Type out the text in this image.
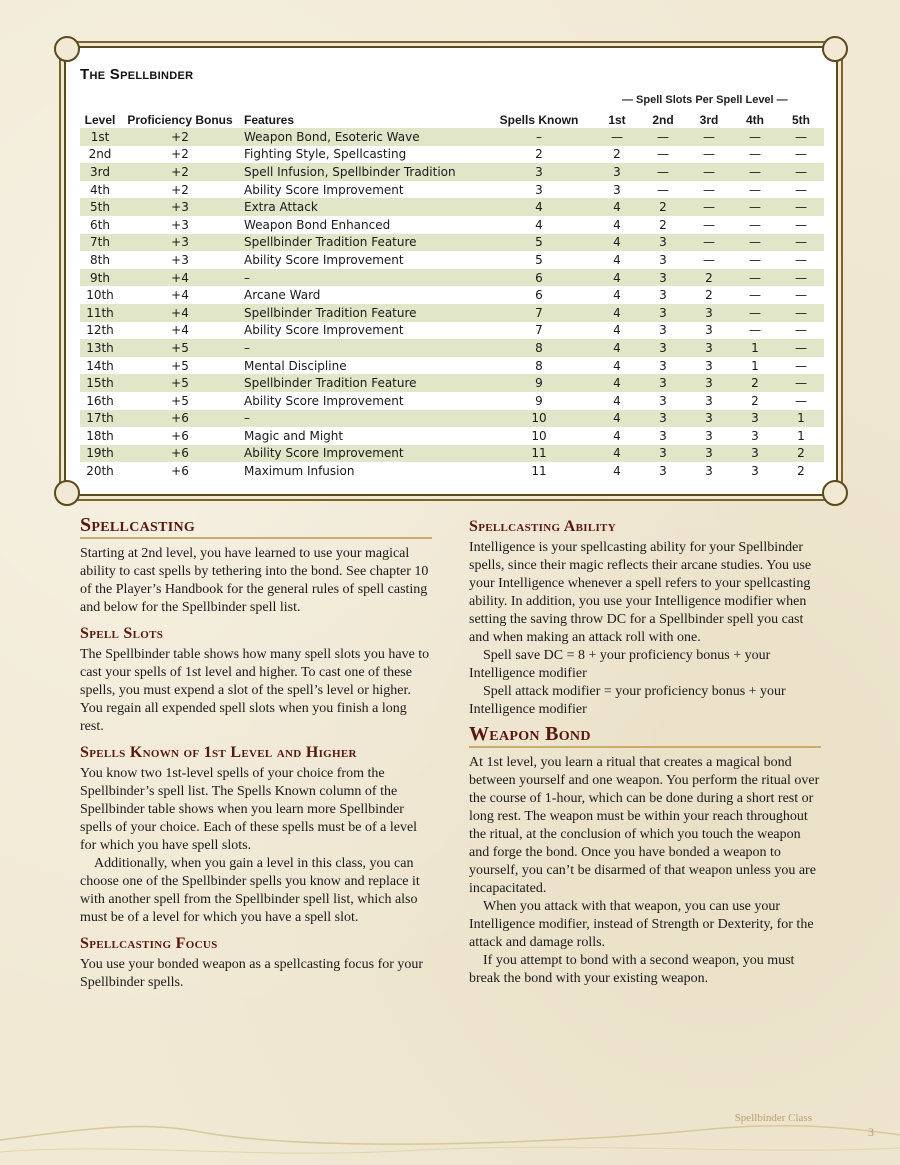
The Spellbinder
— Spell Slots Per Spell Level —
Level	Proficiency Bonus	Features	Spells Known	1st	2nd	3rd	4th	5th
1st	+2	Weapon Bond, Esoteric Wave	–	—	—	—	—	—
2nd	+2	Fighting Style, Spellcasting	2	2	—	—	—	—
3rd	+2	Spell Infusion, Spellbinder Tradition	3	3	—	—	—	—
4th	+2	Ability Score Improvement	3	3	—	—	—	—
5th	+3	Extra Attack	4	4	2	—	—	—
6th	+3	Weapon Bond Enhanced	4	4	2	—	—	—
7th	+3	Spellbinder Tradition Feature	5	4	3	—	—	—
8th	+3	Ability Score Improvement	5	4	3	—	—	—
9th	+4	–	6	4	3	2	—	—
10th	+4	Arcane Ward	6	4	3	2	—	—
11th	+4	Spellbinder Tradition Feature	7	4	3	3	—	—
12th	+4	Ability Score Improvement	7	4	3	3	—	—
13th	+5	–	8	4	3	3	1	—
14th	+5	Mental Discipline	8	4	3	3	1	—
15th	+5	Spellbinder Tradition Feature	9	4	3	3	2	—
16th	+5	Ability Score Improvement	9	4	3	3	2	—
17th	+6	–	10	4	3	3	3	1
18th	+6	Magic and Might	10	4	3	3	3	1
19th	+6	Ability Score Improvement	11	4	3	3	3	2
20th	+6	Maximum Infusion	11	4	3	3	3	2
Spellcasting

Starting at 2nd level, you have learned to use your magical ability to cast spells by tethering into the bond. See chapter 10 of the Player’s Handbook for the general rules of spell casting and below for the Spellbinder spell list.

Spell Slots

The Spellbinder table shows how many spell slots you have to cast your spells of 1st level and higher. To cast one of these spells, you must expend a slot of the spell’s level or higher. You regain all expended spell slots when you finish a long rest.

Spells Known of 1st Level and Higher

You know two 1st-level spells of your choice from the Spellbinder’s spell list. The Spells Known column of the Spellbinder table shows when you learn more Spellbinder spells of your choice. Each of these spells must be of a level for which you have spell slots.

Additionally, when you gain a level in this class, you can choose one of the Spellbinder spells you know and replace it with another spell from the Spellbinder spell list, which also must be of a level for which you have a spell slot.

Spellcasting Focus

You use your bonded weapon as a spellcasting focus for your Spellbinder spells.

Spellcasting Ability

Intelligence is your spellcasting ability for your Spellbinder spells, since their magic reflects their arcane studies. You use your Intelligence whenever a spell refers to your spellcasting ability. In addition, you use your Intelligence modifier when setting the saving throw DC for a Spellbinder spell you cast and when making an attack roll with one.

Spell save DC = 8 + your proficiency bonus + your Intelligence modifier

Spell attack modifier = your proficiency bonus + your Intelligence modifier

Weapon Bond

At 1st level, you learn a ritual that creates a magical bond between yourself and one weapon. You perform the ritual over the course of 1-hour, which can be done during a short rest or long rest. The weapon must be within your reach throughout the ritual, at the conclusion of which you touch the weapon and forge the bond. Once you have bonded a weapon to yourself, you can’t be disarmed of that weapon unless you are incapacitated.

When you attack with that weapon, you can use your Intelligence modifier, instead of Strength or Dexterity, for the attack and damage rolls.

If you attempt to bond with a second weapon, you must break the bond with your existing weapon.

Spellbinder Class
3
